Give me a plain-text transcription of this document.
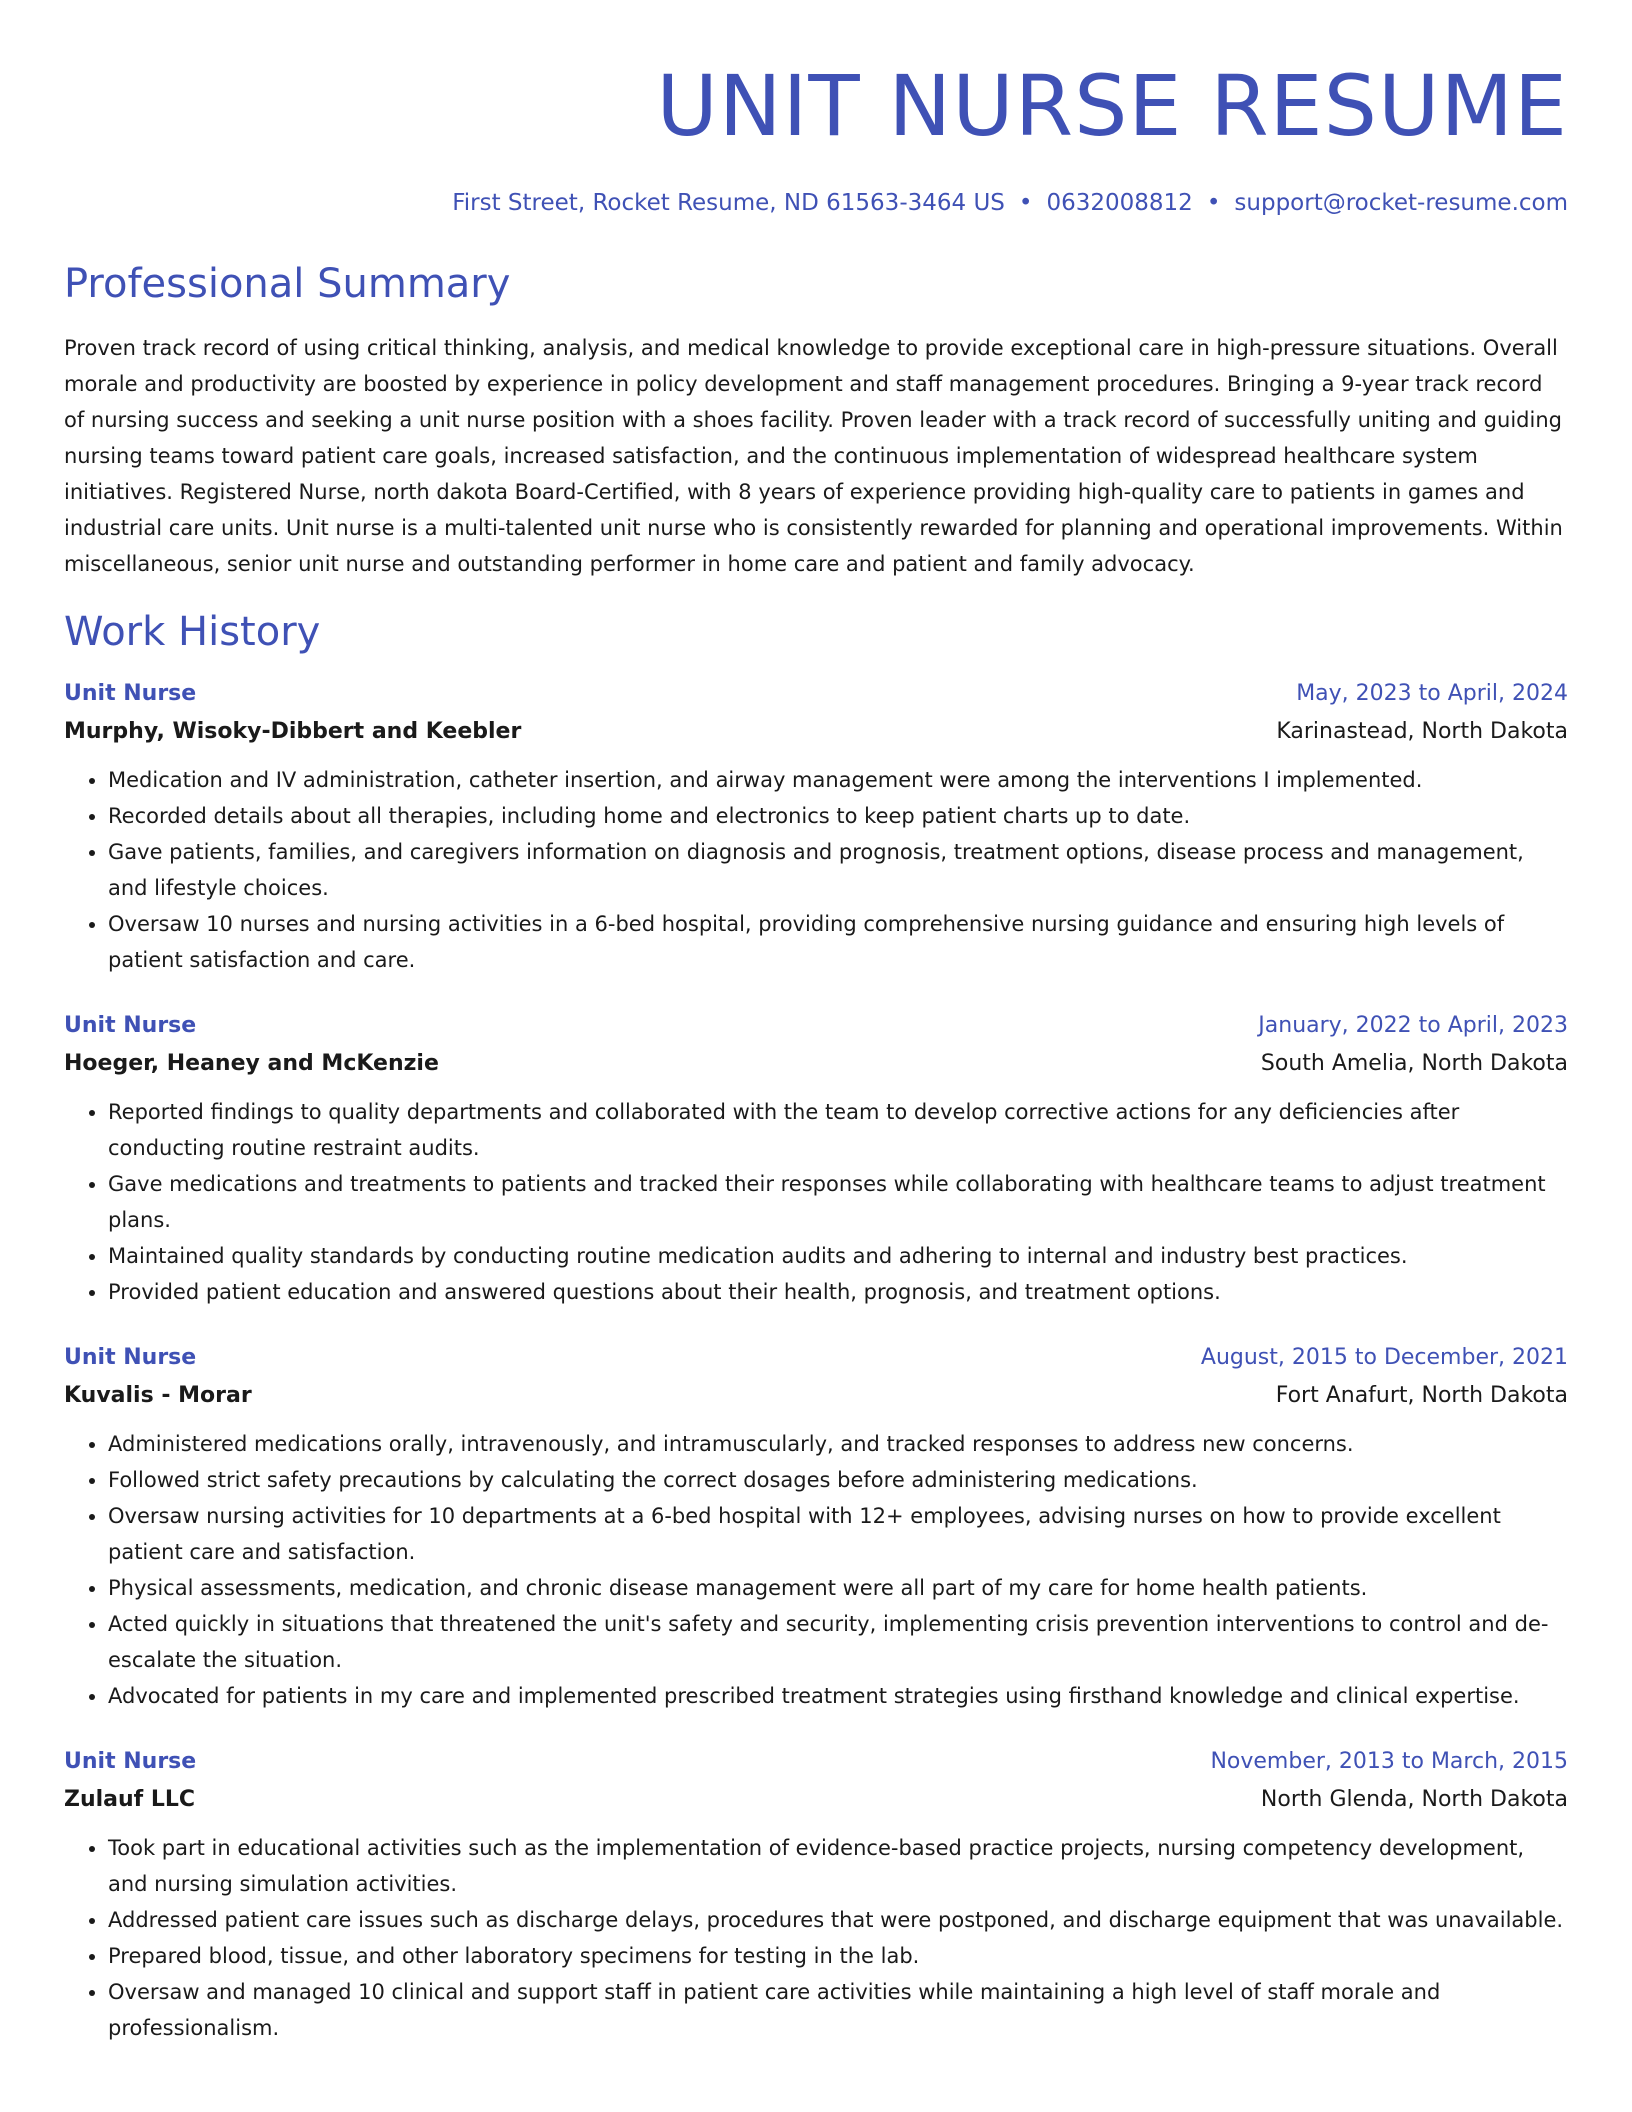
UNIT NURSE RESUME
First Street, Rocket Resume, ND 61563-3464 US • 0632008812 • support@rocket-resume.com
Professional Summary

Proven track record of using critical thinking, analysis, and medical knowledge to provide exceptional care in high-pressure situations. Overall morale and productivity are boosted by experience in policy development and staff management procedures. Bringing a 9-year track record of nursing success and seeking a unit nurse position with a shoes facility. Proven leader with a track record of successfully uniting and guiding nursing teams toward patient care goals, increased satisfaction, and the continuous implementation of widespread healthcare system initiatives. Registered Nurse, north dakota Board-Certified, with 8 years of experience providing high-quality care to patients in games and industrial care units. Unit nurse is a multi-talented unit nurse who is consistently rewarded for planning and operational improvements. Within miscellaneous, senior unit nurse and outstanding performer in home care and patient and family advocacy.

Work History
Unit Nurse	May, 2023 to April, 2024
Murphy, Wisoky-Dibbert and Keebler	Karinastead, North Dakota
• Medication and IV administration, catheter insertion, and airway management were among the interventions I implemented.
• Recorded details about all therapies, including home and electronics to keep patient charts up to date.
• Gave patients, families, and caregivers information on diagnosis and prognosis, treatment options, disease process and management, and lifestyle choices.
• Oversaw 10 nurses and nursing activities in a 6-bed hospital, providing comprehensive nursing guidance and ensuring high levels of patient satisfaction and care.
Unit Nurse	January, 2022 to April, 2023
Hoeger, Heaney and McKenzie	South Amelia, North Dakota
• Reported findings to quality departments and collaborated with the team to develop corrective actions for any deficiencies after conducting routine restraint audits.
• Gave medications and treatments to patients and tracked their responses while collaborating with healthcare teams to adjust treatment plans.
• Maintained quality standards by conducting routine medication audits and adhering to internal and industry best practices.
• Provided patient education and answered questions about their health, prognosis, and treatment options.
Unit Nurse	August, 2015 to December, 2021
Kuvalis - Morar	Fort Anafurt, North Dakota
• Administered medications orally, intravenously, and intramuscularly, and tracked responses to address new concerns.
• Followed strict safety precautions by calculating the correct dosages before administering medications.
• Oversaw nursing activities for 10 departments at a 6-bed hospital with 12+ employees, advising nurses on how to provide excellent patient care and satisfaction.
• Physical assessments, medication, and chronic disease management were all part of my care for home health patients.
• Acted quickly in situations that threatened the unit's safety and security, implementing crisis prevention interventions to control and de-escalate the situation.
• Advocated for patients in my care and implemented prescribed treatment strategies using firsthand knowledge and clinical expertise.
Unit Nurse	November, 2013 to March, 2015
Zulauf LLC	North Glenda, North Dakota
• Took part in educational activities such as the implementation of evidence-based practice projects, nursing competency development, and nursing simulation activities.
• Addressed patient care issues such as discharge delays, procedures that were postponed, and discharge equipment that was unavailable.
• Prepared blood, tissue, and other laboratory specimens for testing in the lab.
• Oversaw and managed 10 clinical and support staff in patient care activities while maintaining a high level of staff morale and professionalism.
